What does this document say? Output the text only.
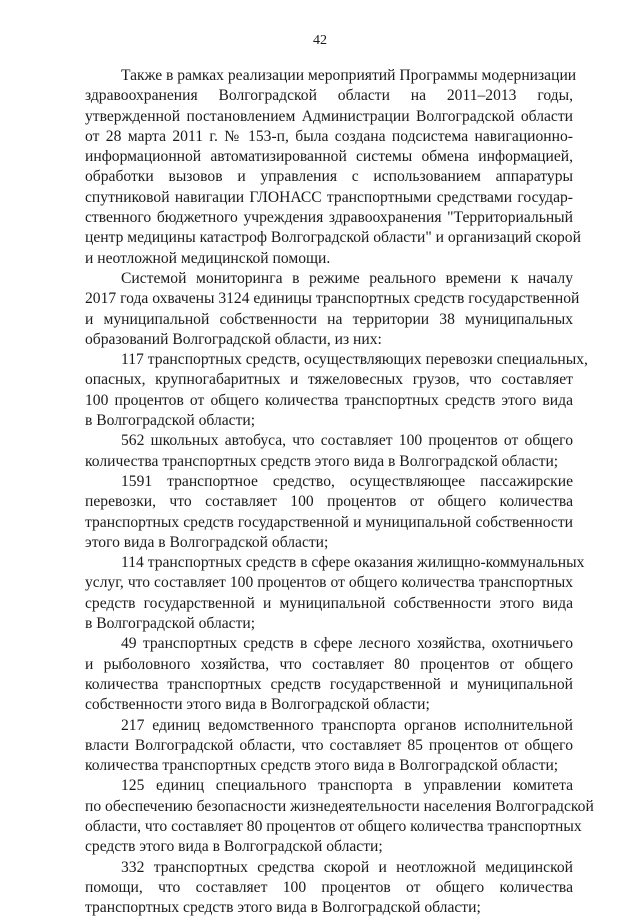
42
Также в рамках реализации мероприятий Программы модернизации
здравоохранения Волгоградской области на 2011–2013 годы,
утвержденной постановлением Администрации Волгоградской области
от 28 марта 2011 г. № 153-п, была создана подсистема навигационно-
информационной автоматизированной системы обмена информацией,
обработки вызовов и управления с использованием аппаратуры
спутниковой навигации ГЛОНАСС транспортными средствами государ-
ственного бюджетного учреждения здравоохранения "Территориальный
центр медицины катастроф Волгоградской области" и организаций скорой
и неотложной медицинской помощи.
Системой мониторинга в режиме реального времени к началу
2017 года охвачены 3124 единицы транспортных средств государственной
и муниципальной собственности на территории 38 муниципальных
образований Волгоградской области, из них:
117 транспортных средств, осуществляющих перевозки специальных,
опасных, крупногабаритных и тяжеловесных грузов, что составляет
100 процентов от общего количества транспортных средств этого вида
в Волгоградской области;
562 школьных автобуса, что составляет 100 процентов от общего
количества транспортных средств этого вида в Волгоградской области;
1591 транспортное средство, осуществляющее пассажирские
перевозки, что составляет 100 процентов от общего количества
транспортных средств государственной и муниципальной собственности
этого вида в Волгоградской области;
114 транспортных средств в сфере оказания жилищно-коммунальных
услуг, что составляет 100 процентов от общего количества транспортных
средств государственной и муниципальной собственности этого вида
в Волгоградской области;
49 транспортных средств в сфере лесного хозяйства, охотничьего
и рыболовного хозяйства, что составляет 80 процентов от общего
количества транспортных средств государственной и муниципальной
собственности этого вида в Волгоградской области;
217 единиц ведомственного транспорта органов исполнительной
власти Волгоградской области, что составляет 85 процентов от общего
количества транспортных средств этого вида в Волгоградской области;
125 единиц специального транспорта в управлении комитета
по обеспечению безопасности жизнедеятельности населения Волгоградской
области, что составляет 80 процентов от общего количества транспортных
средств этого вида в Волгоградской области;
332 транспортных средства скорой и неотложной медицинской
помощи, что составляет 100 процентов от общего количества
транспортных средств этого вида в Волгоградской области;
